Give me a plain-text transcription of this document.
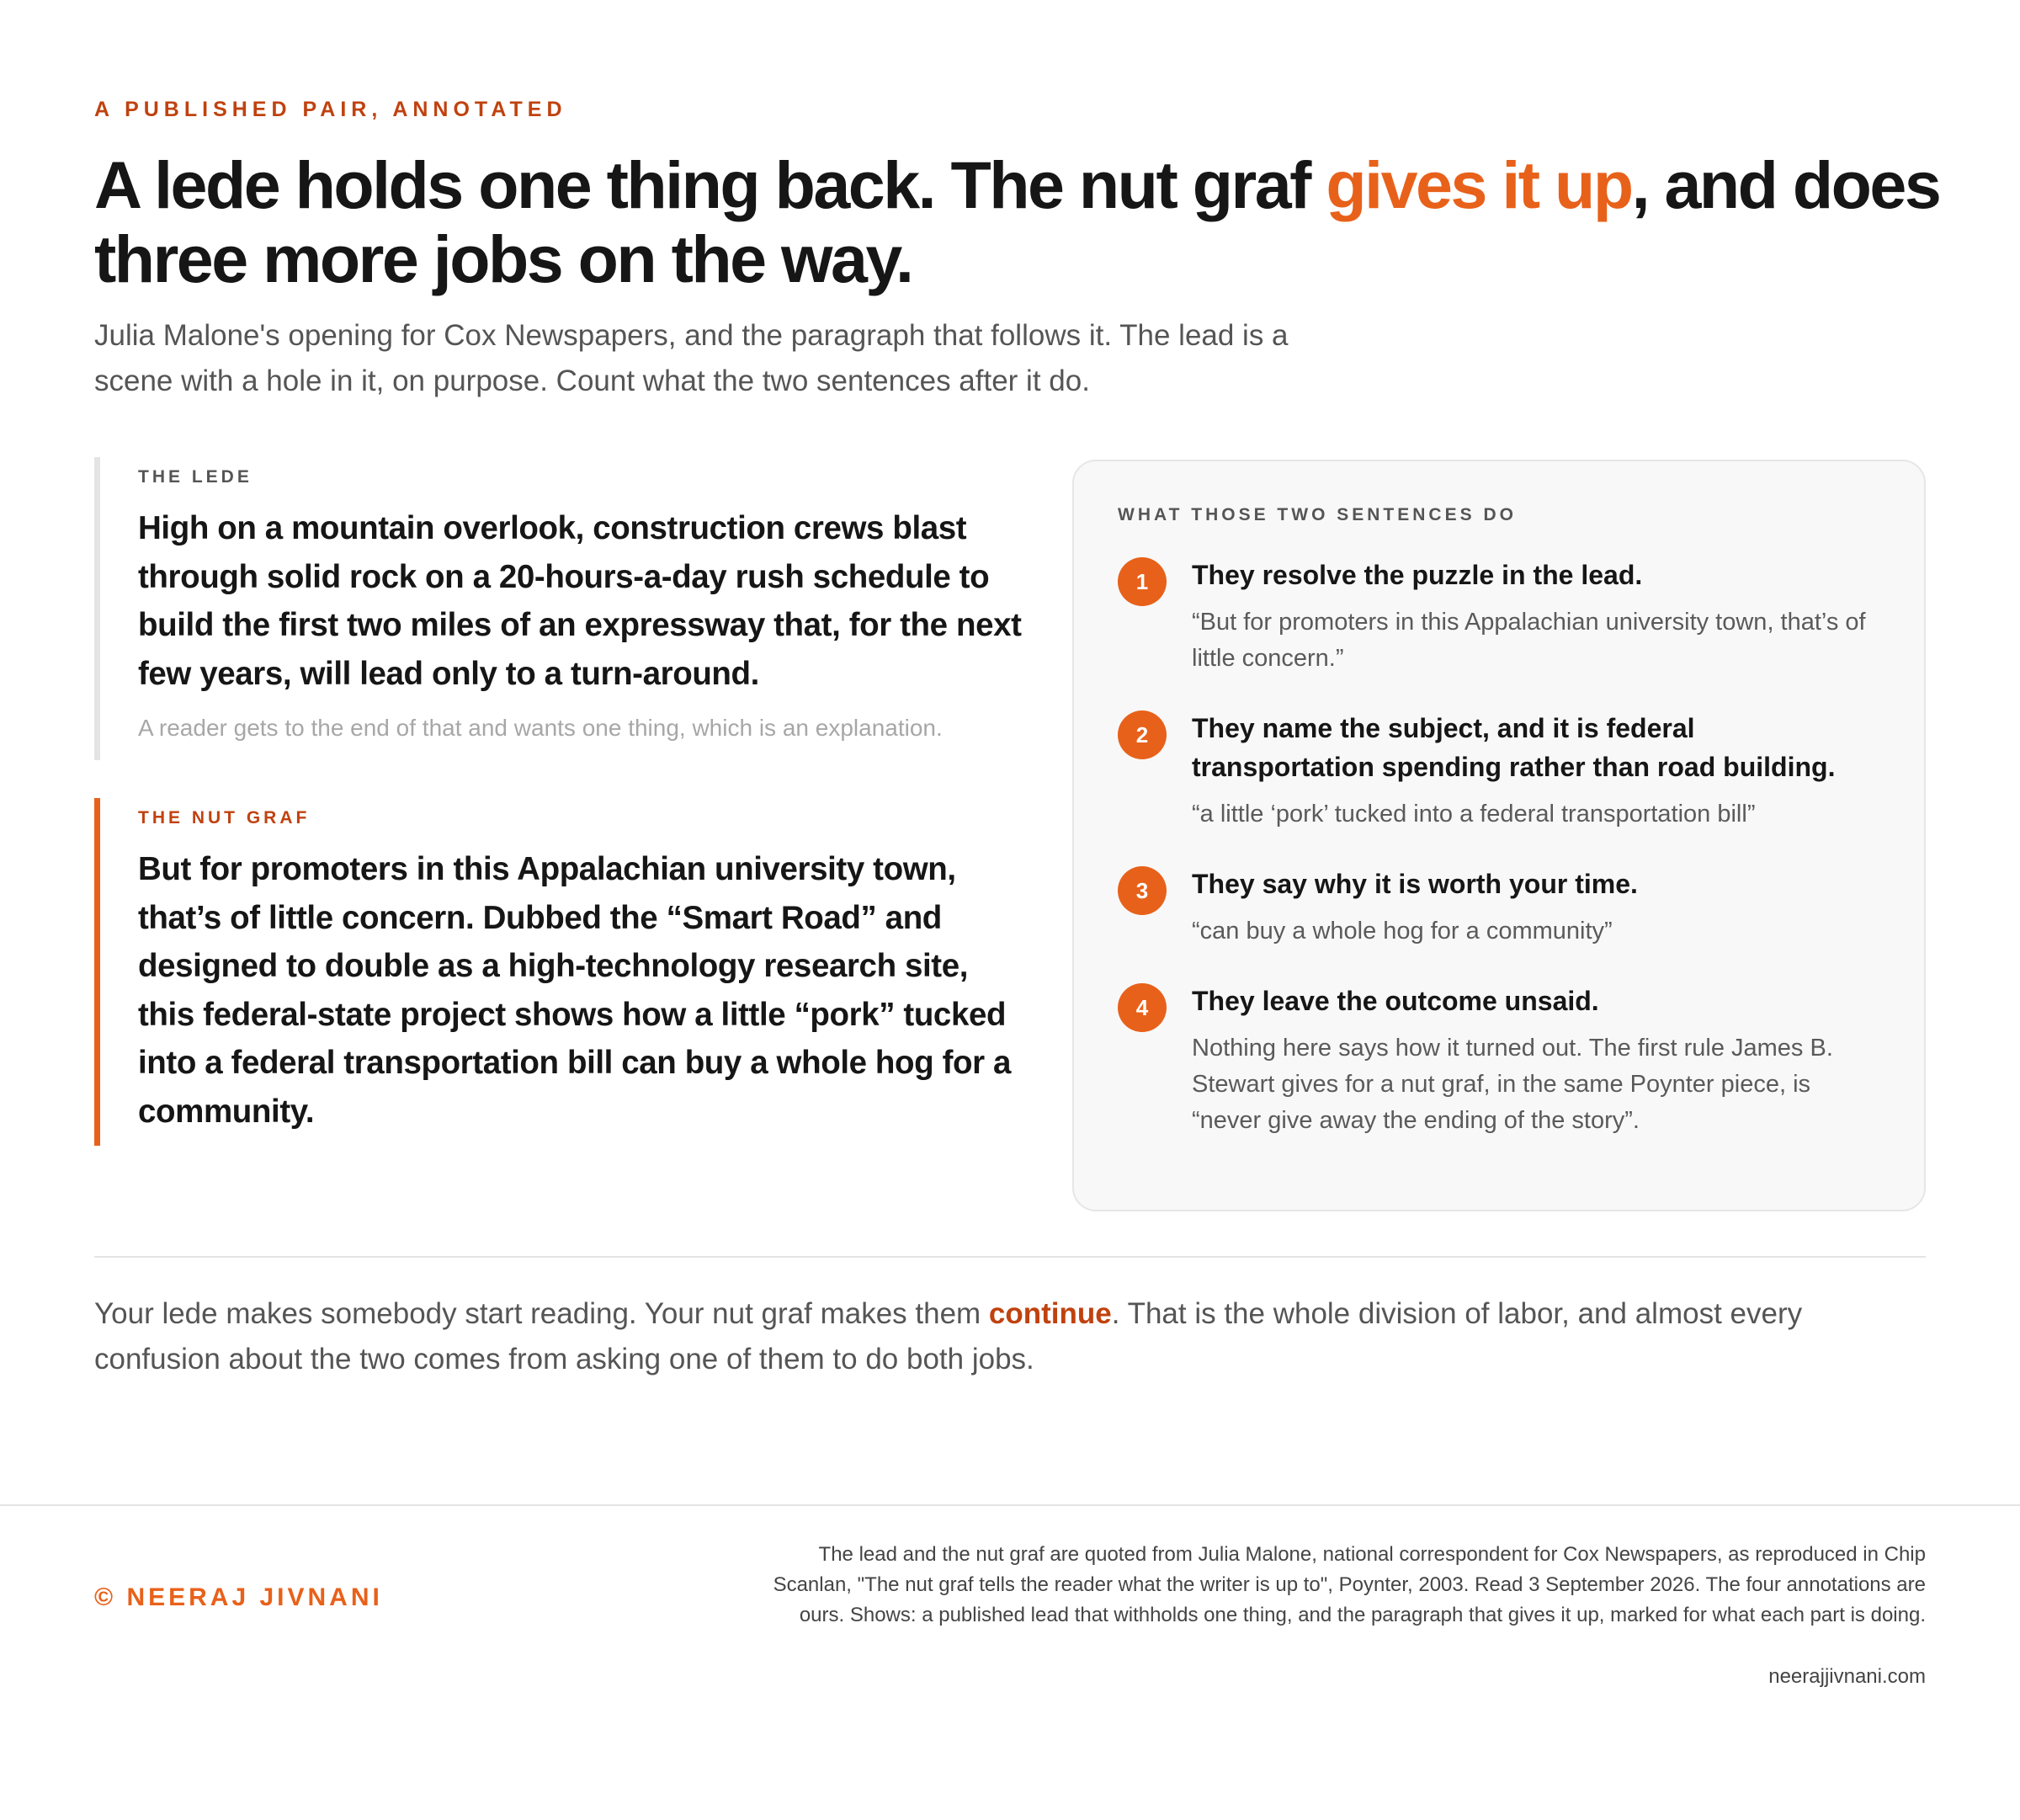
A PUBLISHED PAIR, ANNOTATED
A lede holds one thing back. The nut graf gives it up, and does three more jobs on the way.

Julia Malone's opening for Cox Newspapers, and the paragraph that follows it. The lead is a scene with a hole in it, on purpose. Count what the two sentences after it do.

THE LEDE

High on a mountain overlook, construction crews blast through solid rock on a 20-hours-a-day rush schedule to build the first two miles of an expressway that, for the next few years, will lead only to a turn-around.

A reader gets to the end of that and wants one thing, which is an explanation.
THE NUT GRAF

But for promoters in this Appalachian university town, that’s of little concern. Dubbed the “Smart Road” and designed to double as a high-technology research site, this federal-state project shows how a little “pork” tucked into a federal transportation bill can buy a whole hog for a community.

WHAT THOSE TWO SENTENCES DO
1	They resolve the puzzle in the lead.
“But for promoters in this Appalachian university town, that’s of little concern.”
2	They name the subject, and it is federal transportation spending rather than road building.
“a little ‘pork’ tucked into a federal transportation bill”
3	They say why it is worth your time.
“can buy a whole hog for a community”
4	They leave the outcome unsaid.
Nothing here says how it turned out. The first rule James B. Stewart gives for a nut graf, in the same Poynter piece, is “never give away the ending of the story”.

Your lede makes somebody start reading. Your nut graf makes them continue. That is the whole division of labor, and almost every confusion about the two comes from asking one of them to do both jobs.

© NEERAJ JIVNANI

The lead and the nut graf are quoted from Julia Malone, national correspondent for Cox Newspapers, as reproduced in Chip Scanlan, "The nut graf tells the reader what the writer is up to", Poynter, 2003. Read 3 September 2026. The four annotations are ours. Shows: a published lead that withholds one thing, and the paragraph that gives it up, marked for what each part is doing.

neerajjivnani.com
